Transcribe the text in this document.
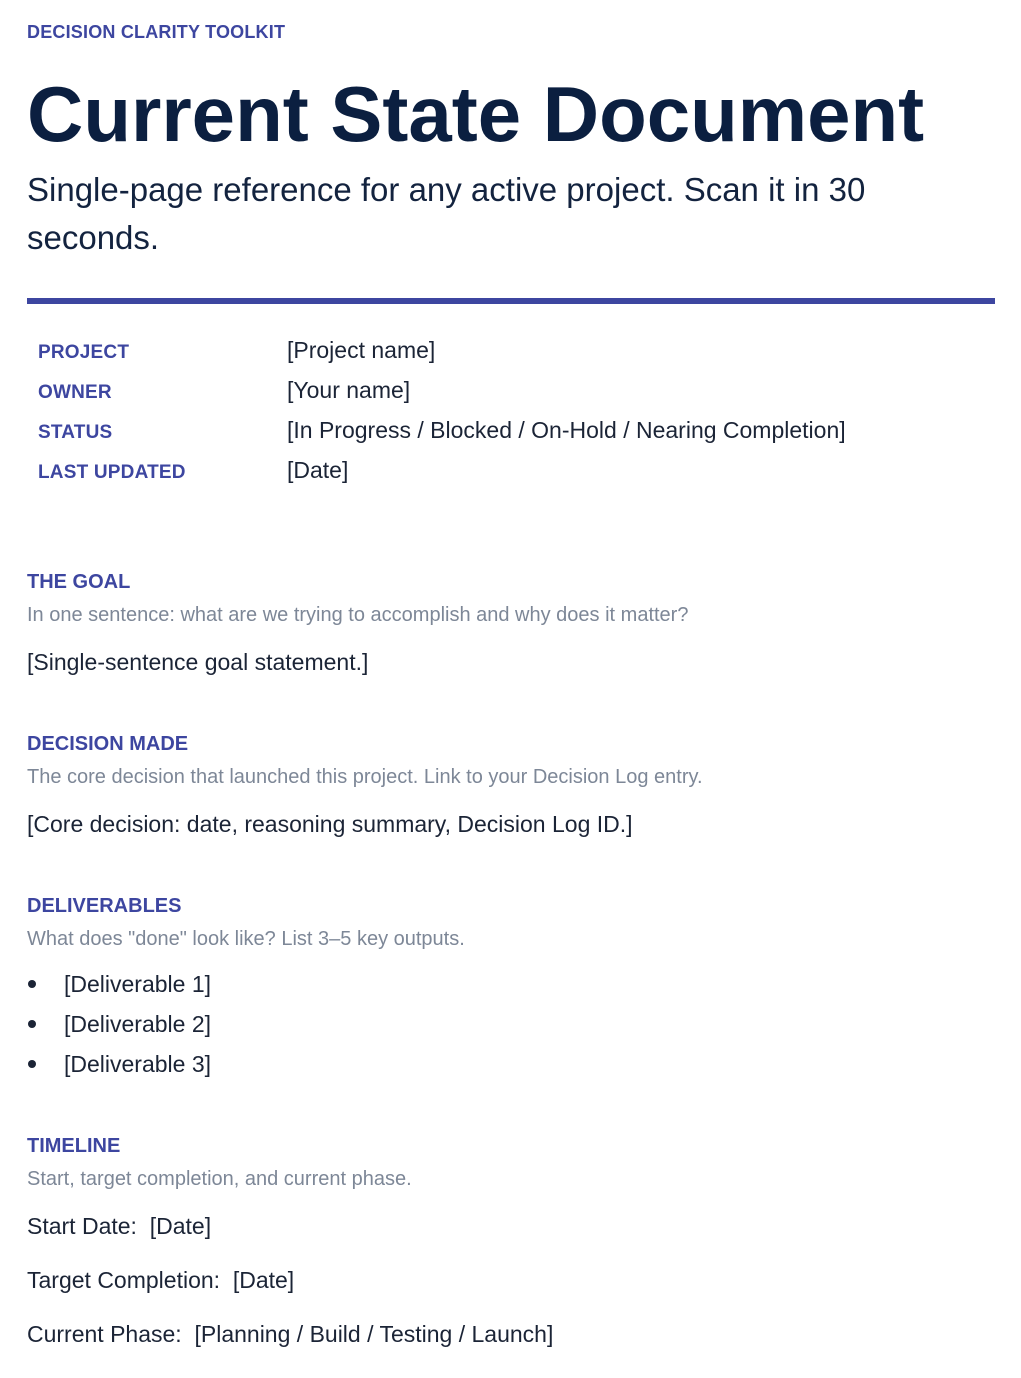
DECISION CLARITY TOOLKIT
Current State Document

Single-page reference for any active project. Scan it in 30 seconds.

PROJECT	[Project name]
OWNER	[Your name]
STATUS	[In Progress / Blocked / On-Hold / Nearing Completion]
LAST UPDATED	[Date]
THE GOAL
In one sentence: what are we trying to accomplish and why does it matter?
[Single-sentence goal statement.]
DECISION MADE
The core decision that launched this project. Link to your Decision Log entry.
[Core decision: date, reasoning summary, Decision Log ID.]
DELIVERABLES
What does "done" look like? List 3–5 key outputs.
[Deliverable 1]
[Deliverable 2]
[Deliverable 3]
TIMELINE
Start, target completion, and current phase.
Start Date: [Date]
Target Completion: [Date]
Current Phase: [Planning / Build / Testing / Launch]
